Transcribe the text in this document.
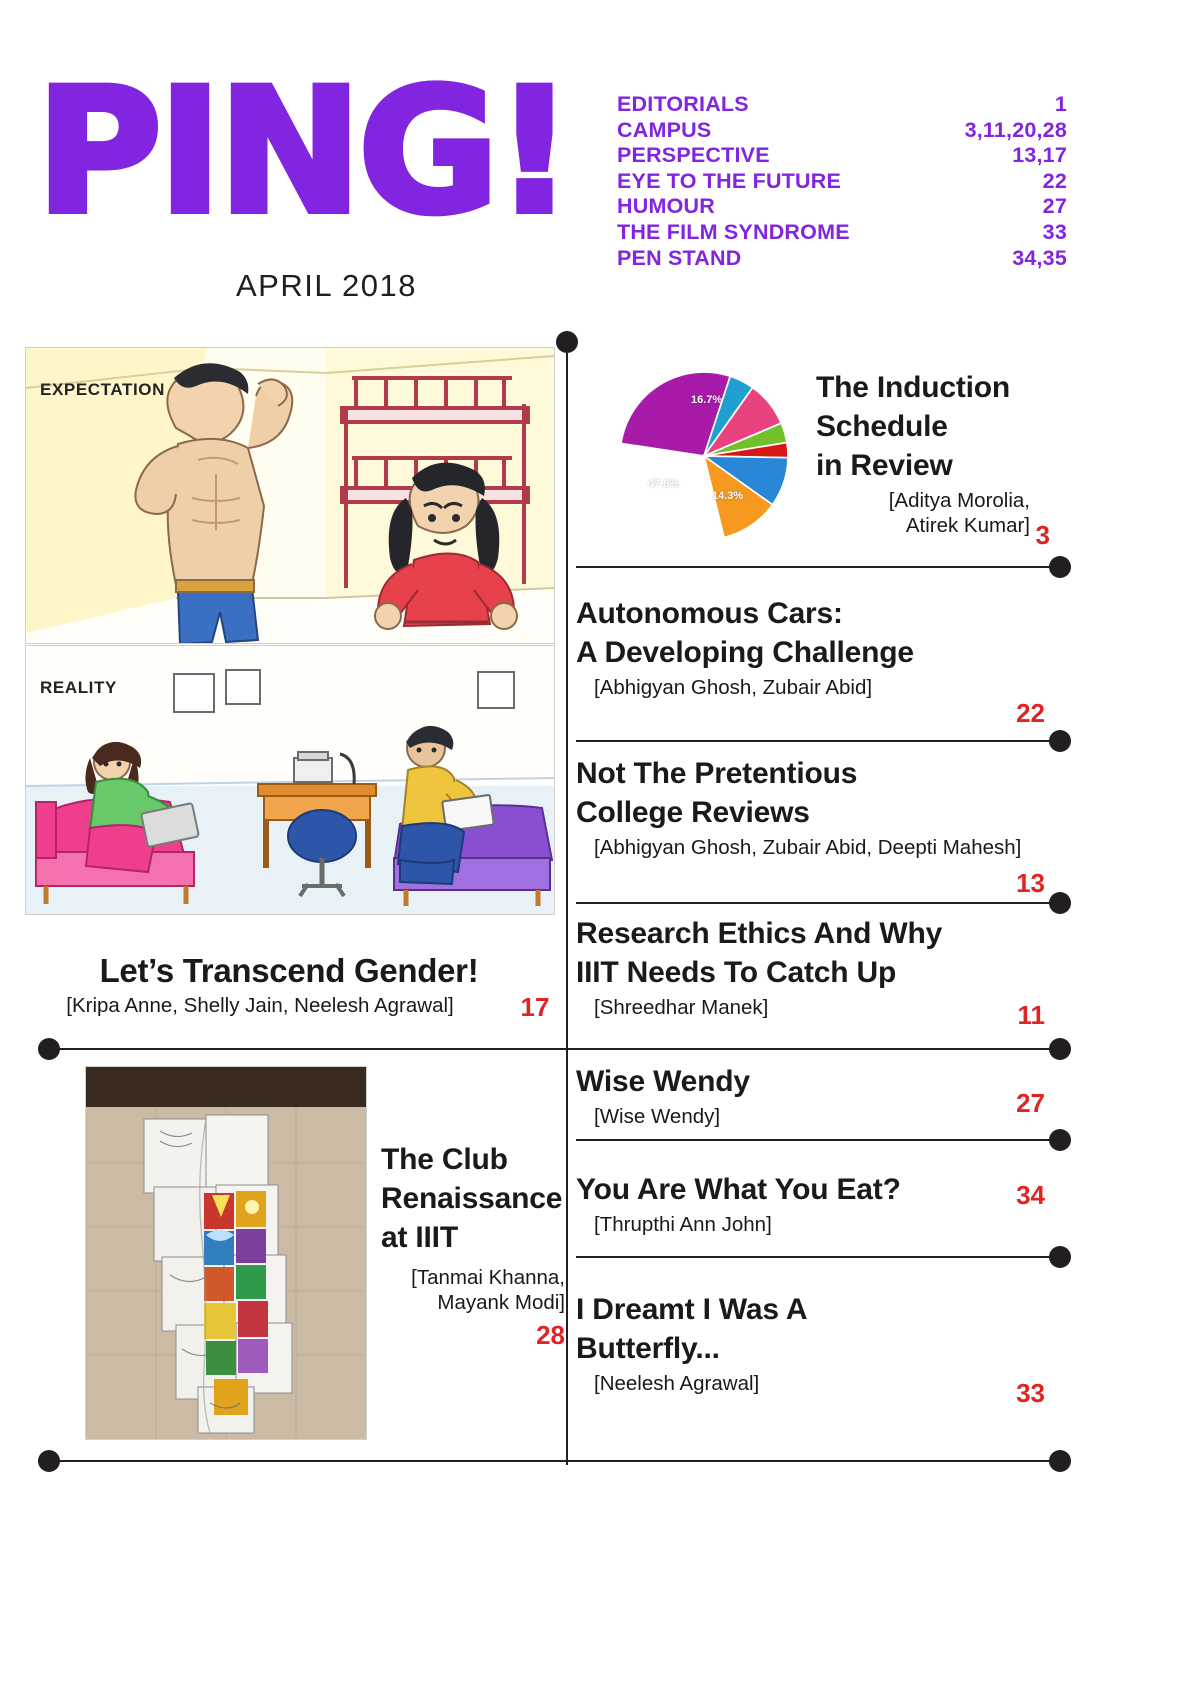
PING!
APRIL 2018
EDITORIALS	1
CAMPUS	3,11,20,28
PERSPECTIVE	13,17
EYE TO THE FUTURE	22
HUMOUR	27
THE FILM SYNDROME	33
PEN STAND	34,35
EXPECTATION
REALITY
Let’s Transcend Gender!
[Kripa Anne, Shelly Jain, Neelesh Agrawal]	17
The Club Renaissance at IIIT
[Tanmai Khanna,
Mayank Modi]
28
47.6%
16.7%
14.3%
The Induction
Schedule
in Review
[Aditya Morolia,
Atirek Kumar] 3
Autonomous Cars:
A Developing Challenge
[Abhigyan Ghosh, Zubair Abid]
22
Not The Pretentious
College Reviews
[Abhigyan Ghosh, Zubair Abid, Deepti Mahesh]
13
Research Ethics And Why
IIIT Needs To Catch Up
[Shreedhar Manek]	11
Wise Wendy
[Wise Wendy]	27
You Are What You Eat?
[Thrupthi Ann John]
34
I Dreamt I Was A
Butterfly...
[Neelesh Agrawal]	33
